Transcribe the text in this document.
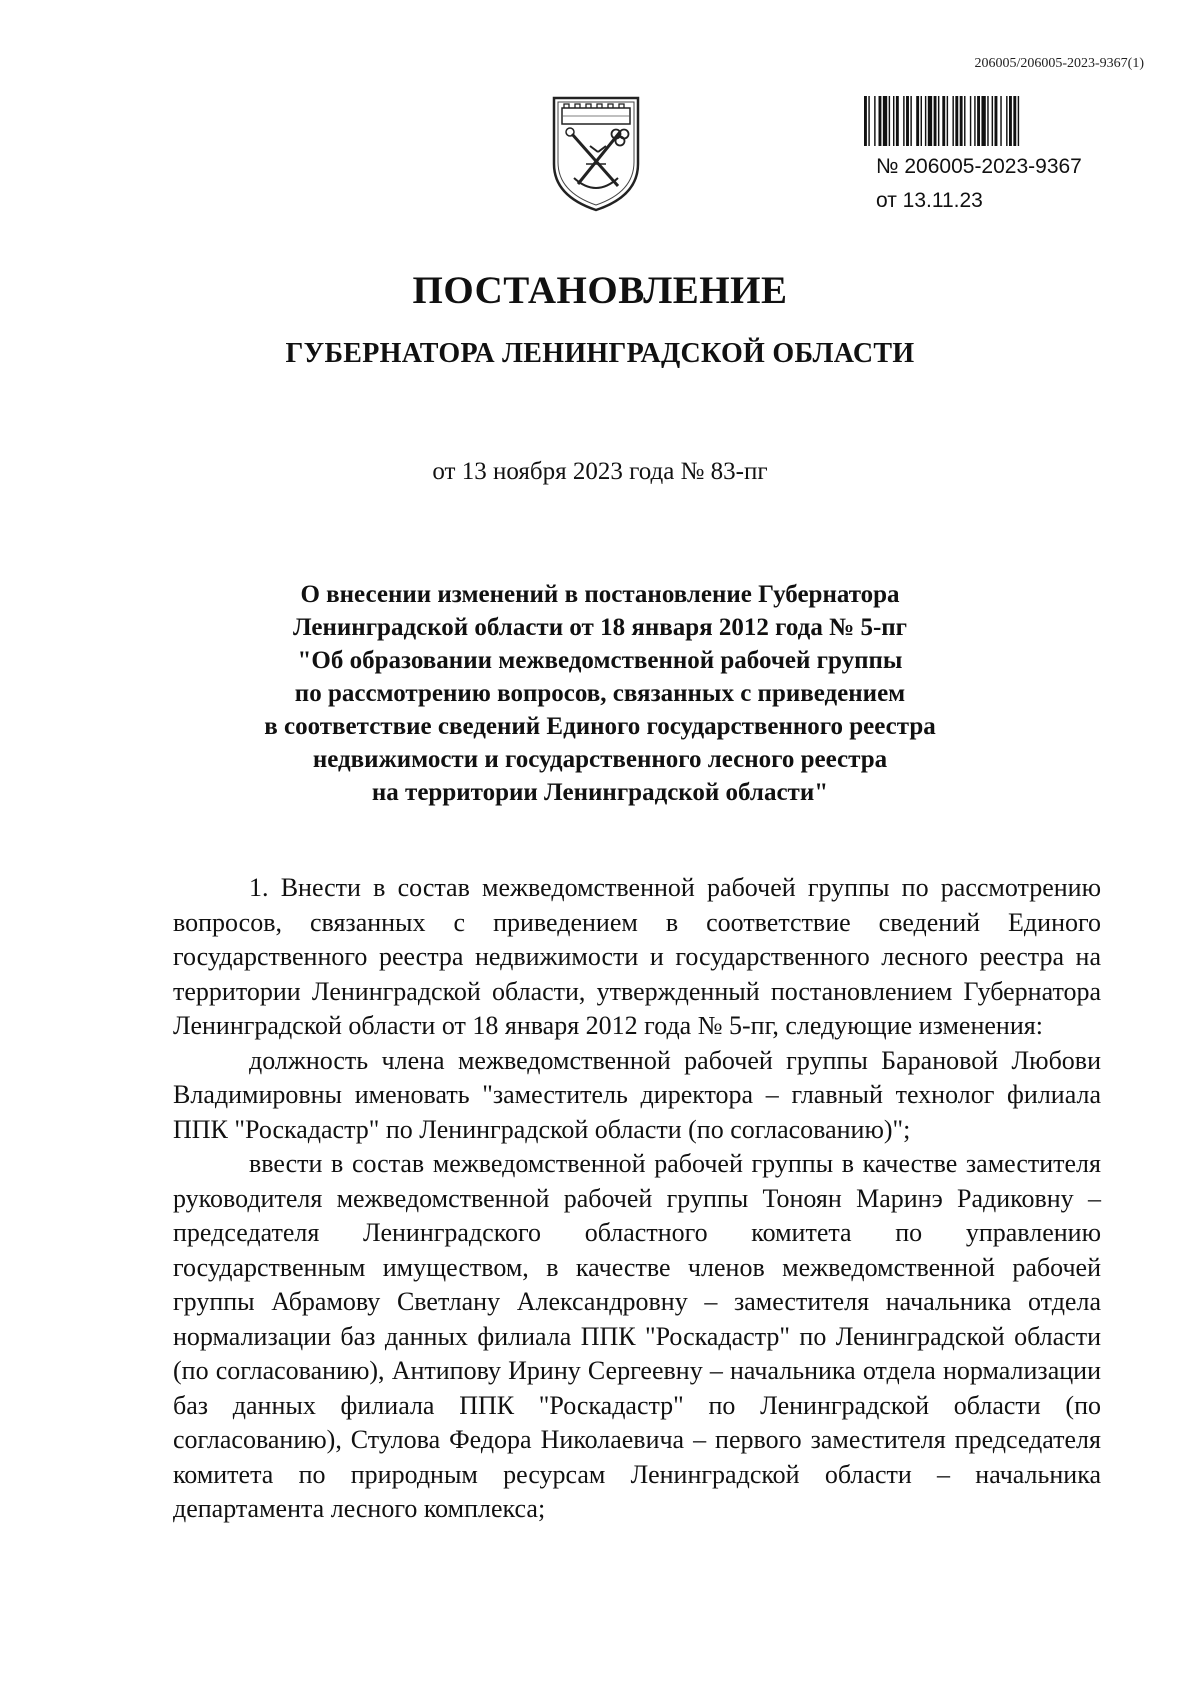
206005/206005-2023-9367(1)
№ 206005-2023-9367
от 13.11.23
ПОСТАНОВЛЕНИЕ
ГУБЕРНАТОРА ЛЕНИНГРАДСКОЙ ОБЛАСТИ
от 13 ноября 2023 года № 83-пг
О внесении изменений в постановление Губернатора
Ленинградской области от 18 января 2012 года № 5-пг
"Об образовании межведомственной рабочей группы
по рассмотрению вопросов, связанных с приведением
в соответствие сведений Единого государственного реестра
недвижимости и государственного лесного реестра
на территории Ленинградской области"

1. Внести в состав межведомственной рабочей группы по рассмотрению вопросов, связанных с приведением в соответствие сведений Единого государственного реестра недвижимости и государственного лесного реестра на территории Ленинградской области, утвержденный постановлением Губернатора Ленинградской области от 18 января 2012 года № 5-пг, следующие изменения:

должность члена межведомственной рабочей группы Барановой Любови Владимировны именовать "заместитель директора – главный технолог филиала ППК "Роскадастр" по Ленинградской области (по согласованию)";

ввести в состав межведомственной рабочей группы в качестве заместителя руководителя межведомственной рабочей группы Тоноян Маринэ Радиковну – председателя Ленинградского областного комитета по управлению государственным имуществом, в качестве членов межведомственной рабочей группы Абрамову Светлану Александровну – заместителя начальника отдела нормализации баз данных филиала ППК "Роскадастр" по Ленинградской области (по согласованию), Антипову Ирину Сергеевну – начальника отдела нормализации баз данных филиала ППК "Роскадастр" по Ленинградской области (по согласованию), Стулова Федора Николаевича – первого заместителя председателя комитета по природным ресурсам Ленинградской области – начальника департамента лесного комплекса;
